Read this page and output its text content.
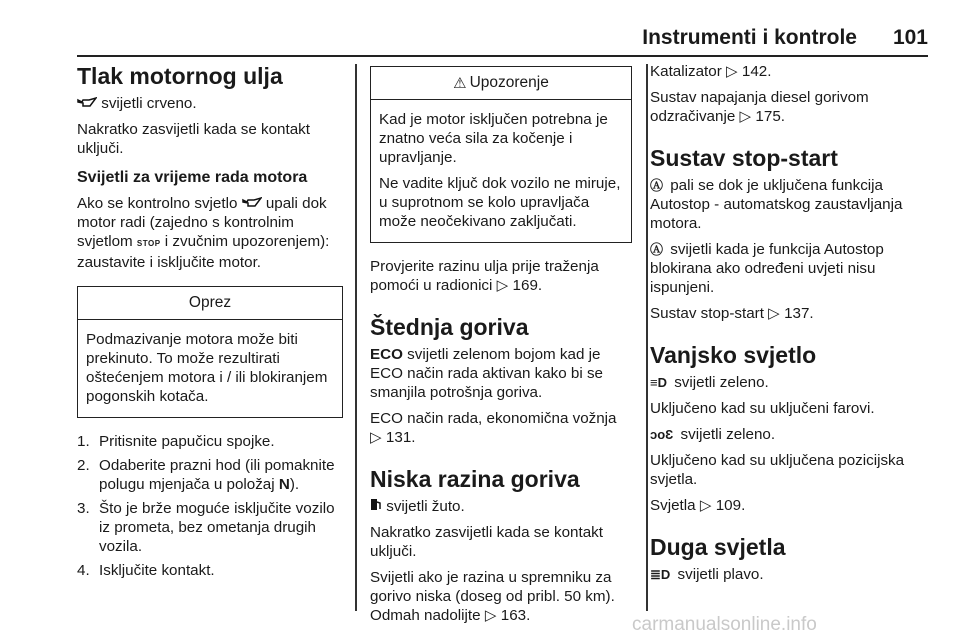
Instrumenti i kontrole 101
Tlak motornog ulja

svijetli crveno.

Nakratko zasvijetli kada se kontakt uključi.

Svijetli za vrijeme rada motora

Ako se kontrolno svjetlo  upali dok motor radi (zajedno s kontrolnim svjetlom STOP i zvučnim upozorenjem): zaustavite i isključite motor.

Oprez

Podmazivanje motora može biti prekinuto. To može rezultirati oštećenjem motora i / ili blokiranjem pogonskih kotača.

1. Pritisnite papučicu spojke.
2. Odaberite prazni hod (ili pomaknite polugu mjenjača u položaj N).
3. Što je brže moguće isključite vozilo iz prometa, bez ometanja drugih vozila.
4. Isključite kontakt.
⚠ Upozorenje

Kad je motor isključen potrebna je znatno veća sila za kočenje i upravljanje.

Ne vadite ključ dok vozilo ne miruje, u suprotnom se kolo upravljača može neočekivano zaključati.

Provjerite razinu ulja prije traženja pomoći u radionici ▷ 169.

Štednja goriva

ECO svijetli zelenom bojom kad je ECO način rada aktivan kako bi se smanjila potrošnja goriva.

ECO način rada, ekonomična vožnja ▷ 131.

Niska razina goriva

svijetli žuto.

Nakratko zasvijetli kada se kontakt uključi.

Svijetli ako je razina u spremniku za gorivo niska (doseg od pribl. 50 km). Odmah nadolijte ▷ 163.

Katalizator ▷ 142.

Sustav napajanja diesel gorivom odzračivanje ▷ 175.

Sustav stop-start

Ⓐ pali se dok je uključena funkcija Autostop - automatskog zaustavljanja motora.

Ⓐ svijetli kada je funkcija Autostop blokirana ako određeni uvjeti nisu ispunjeni.

Sustav stop-start ▷ 137.

Vanjsko svjetlo

≡D svijetli zeleno.

Uključeno kad su uključeni farovi.

ↄoƐ svijetli zeleno.

Uključeno kad su uključena pozicijska svjetla.

Svjetla ▷ 109.

Duga svjetla

≣D svijetli plavo.

carmanualsonline.info
